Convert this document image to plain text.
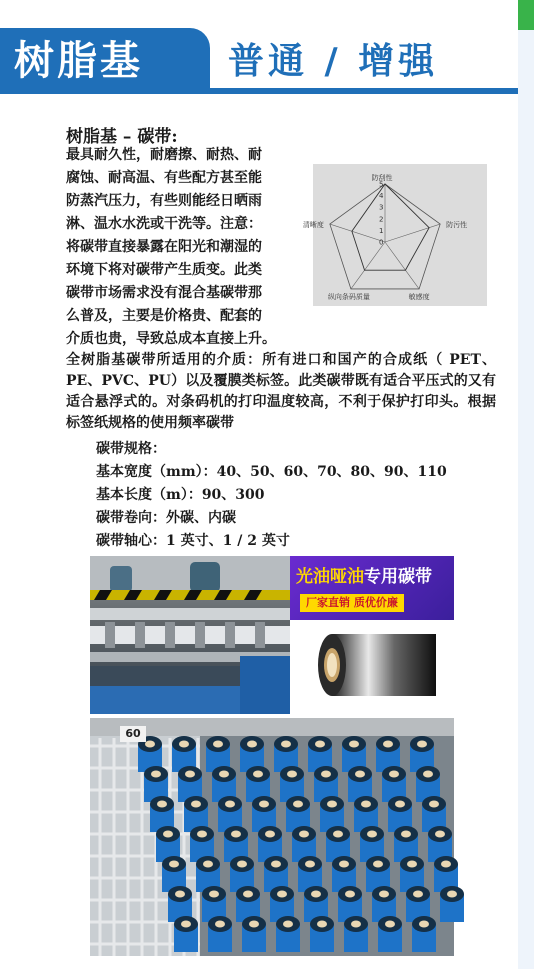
树脂基 普通 / 增强
树脂基 – 碳带:
最具耐久性，耐磨擦、耐热、耐
腐蚀、耐高温、有些配方甚至能
防蒸汽压力，有些则能经日晒雨
淋、温水水洗或干洗等。注意：
将碳带直接暴露在阳光和潮湿的
环境下将对碳带产生质变。此类
碳带市场需求没有混合基碳带那
么普及，主要是价格贵、配套的
介质也贵，导致总成本直接上升。
0
1
2
3
4
5
防刮性
防污性
敏感度
纵向条码质量
清晰度
全树脂基碳带所适用的介质：所有进口和国产的合成纸（ PET、PE、PVC、PU）以及覆膜类标签。此类碳带既有适合平压式的又有适合悬浮式的。对条码机的打印温度较高，不利于保护打印头。根据标签纸规格的使用频率碳带
碳带规格：
基本宽度（mm）：40、50、60、70、80、90、110
基本长度（m）：90、300
碳带卷向：外碳、内碳
碳带轴心：1 英寸、1 / 2 英寸
光油哑油专用碳带
厂家直销 质优价廉
60
